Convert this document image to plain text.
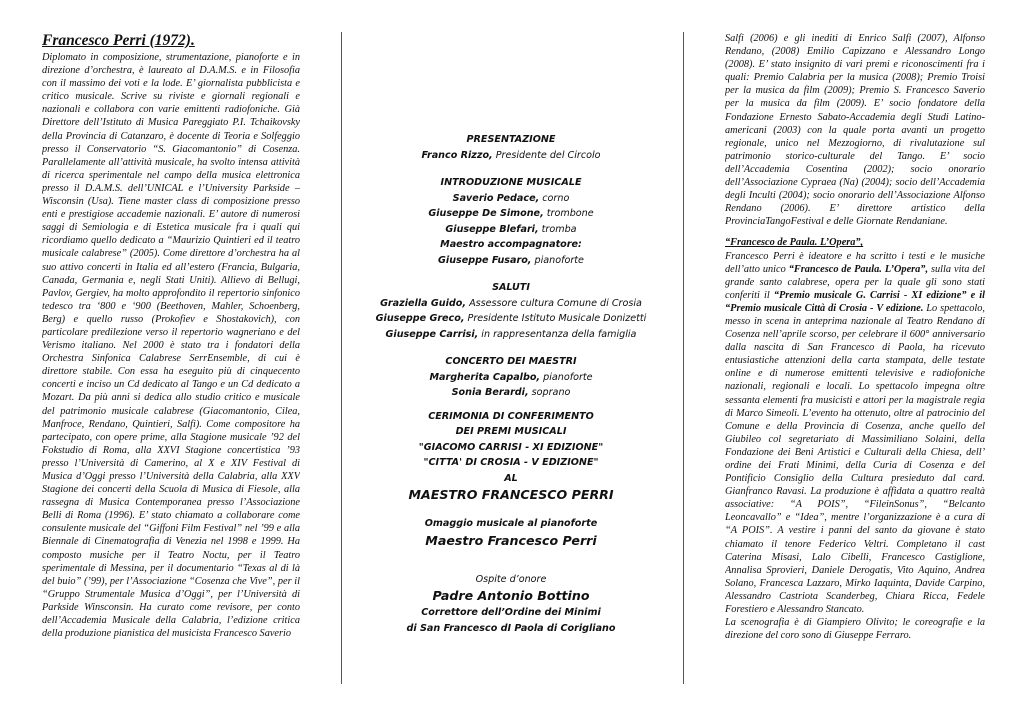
Francesco Perri (1972).

Diplomato in composizione, strumentazione, pianoforte e in direzione d’orchestra, è laureato al D.A.M.S. e in Filosofia con il massimo dei voti e la lode. E’ giornalista pubblicista e critico musicale. Scrive su riviste e giornali regionali e nazionali e collabora con varie emittenti radiofoniche. Già Direttore dell’Istituto di Musica Pareggiato P.I. Tchaikovsky della Provincia di Catanzaro, è docente di Teoria e Solfeggio presso il Conservatorio “S. Giacomantonio” di Cosenza. Parallelamente all’attività musicale, ha svolto intensa attività di ricerca sperimentale nel campo della musica elettronica presso il D.A.M.S. dell’UNICAL e l’University Parkside – Wisconsin (Usa). Tiene master class di composizione presso enti e prestigiose accademie nazionali. E’ autore di numerosi saggi di Semiologia e di Estetica musicale fra i quali qui ricordiamo quello dedicato a “Maurizio Quintieri ed il teatro musicale calabrese” (2005). Come direttore d’orchestra ha al suo attivo concerti in Italia ed all’estero (Francia, Bulgaria, Canada, Germania e, negli Stati Uniti). Allievo di Bellugi, Pavlov, Gergiev, ha molto approfondito il repertorio sinfonico tedesco tra ‘800 e ‘900 (Beethoven, Mahler, Schoenberg, Berg) e quello russo (Prokofiev e Shostakovich), con particolare predilezione verso il repertorio wagneriano e del Verismo italiano. Nel 2000 è stato tra i fondatori della Orchestra Sinfonica Calabrese SerrEnsemble, di cui è direttore stabile. Con essa ha eseguito più di cinquecento concerti e inciso un Cd dedicato al Tango e un Cd dedicato a Mozart. Da più anni si dedica allo studio critico e musicale del patrimonio musicale calabrese (Giacomantonio, Cilea, Manfroce, Rendano, Quintieri, Salfi). Come compositore ha partecipato, con opere prime, alla Stagione musicale ’92 del Fokstudio di Roma, alla XXVI Stagione concertistica ’93 presso l’Università di Camerino, al X e XIV Festival di Musica d’Oggi presso l’Università della Calabria, alla XXV Stagione dei concerti della Scuola di Musica di Fiesole, alla rassegna di Musica Contemporanea presso l’Associazione Belli di Roma (1996). E’ stato chiamato a collaborare come consulente musicale del “Giffoni Film Festival” nel ’99 e alla Biennale di Cinematografia di Venezia nel 1998 e 1999. Ha composto musiche per il Teatro Noctu, per il Teatro sperimentale di Messina, per il documentario “Texas al di là del buio” (’99), per l’Associazione “Cosenza che Vive”, per il “Gruppo Strumentale Musica d’Oggi”, per l’Università di Parkside Winsconsin. Ha curato come revisore, per conto dell’Accademia Musicale della Calabria, l’edizione critica della produzione pianistica del musicista Francesco Saverio

PRESENTAZIONE
Franco Rizzo, Presidente del Circolo
INTRODUZIONE MUSICALE
Saverio Pedace, corno
Giuseppe De Simone, trombone
Giuseppe Blefari, tromba
Maestro accompagnatore:
Giuseppe Fusaro, pianoforte
SALUTI
Graziella Guido, Assessore cultura Comune di Crosia
Giuseppe Greco, Presidente Istituto Musicale Donizetti
Giuseppe Carrisi, in rappresentanza della famiglia
CONCERTO DEI MAESTRI
Margherita Capalbo, pianoforte
Sonia Berardi, soprano
CERIMONIA DI CONFERIMENTO
DEI PREMI MUSICALI
"GIACOMO CARRISI - XI EDIZIONE"
"CITTA' DI CROSIA - V EDIZIONE"
AL
MAESTRO FRANCESCO PERRI
Omaggio musicale al pianoforte
Maestro Francesco Perri
Ospite d’onore
Padre Antonio Bottino
Correttore dell’Ordine dei Minimi
di San Francesco dI Paola di Corigliano

Salfi (2006) e gli inediti di Enrico Salfi (2007), Alfonso Rendano, (2008) Emilio Capizzano e Alessandro Longo (2008). E’ stato insignito di vari premi e riconoscimenti fra i quali: Premio Calabria per la musica (2008); Premio Troisi per la musica da film (2009); Premio S. Francesco Saverio per la musica da film (2009). E’ socio fondatore della Fondazione Ernesto Sabato-Accademia degli Studi Latino-americani (2003) con la quale porta avanti un progetto regionale, unico nel Mezzogiorno, di rivalutazione sul patrimonio storico-culturale del Tango. E’ socio dell’Accademia Cosentina (2002); socio onorario dell’Associazione Cypraea (Na) (2004); socio dell’Accademia degli Inculti (2004); socio onorario dell’Associazione Alfonso Rendano (2006). E’ direttore artistico della ProvinciaTangoFestival e delle Giornate Rendaniane.

“Francesco de Paula. L’Opera”,

Francesco Perri è ideatore e ha scritto i testi e le musiche dell’atto unico “Francesco de Paula. L’Opera”, sulla vita del grande santo calabrese, opera per la quale gli sono stati conferiti il “Premio musicale G. Carrisi - XI edizione” e il “Premio musicale Città di Crosia - V edizione. Lo spettacolo, messo in scena in anteprima nazionale al Teatro Rendano di Cosenza nell’aprile scorso, per celebrare il 600° anniversario dalla nascita di San Francesco di Paola, ha ricevuto entusiastiche attenzioni della carta stampata, delle testate online e di numerose emittenti televisive e radiofoniche nazionali, regionali e locali. Lo spettacolo impegna oltre sessanta elementi fra musicisti e attori per la magistrale regia di Marco Simeoli. L’evento ha ottenuto, oltre al patrocinio del Comune e della Provincia di Cosenza, anche quello del Giubileo col segretariato di Massimiliano Solaini, della Fondazione dei Beni Artistici e Culturali della Chiesa, dell’ ordine dei Frati Minimi, della Curia di Cosenza e del Pontificio Consiglio della Cultura presieduto dal card. Gianfranco Ravasi. La produzione è affidata a quattro realtà associative: “A POIS”, “FileinSonus”, “Belcanto Leoncavallo” e “Idea”, mentre l’organizzazione è a cura di “A POIS”. A vestire i panni del santo da giovane è stato chiamato il tenore Federico Veltri. Completano il cast Caterina Misasi, Lalo Cibelli, Francesco Castiglione, Annalisa Sprovieri, Daniele Derogatis, Vito Aquino, Andrea Solano, Francesca Lazzaro, Mirko Iaquinta, Davide Carpino, Alessandro Castriota Scanderbeg, Chiara Ricca, Fedele Forestiero e Alessandro Stancato.

La scenografia è di Giampiero Olivito; le coreografie e la direzione del coro sono di Giuseppe Ferraro.
